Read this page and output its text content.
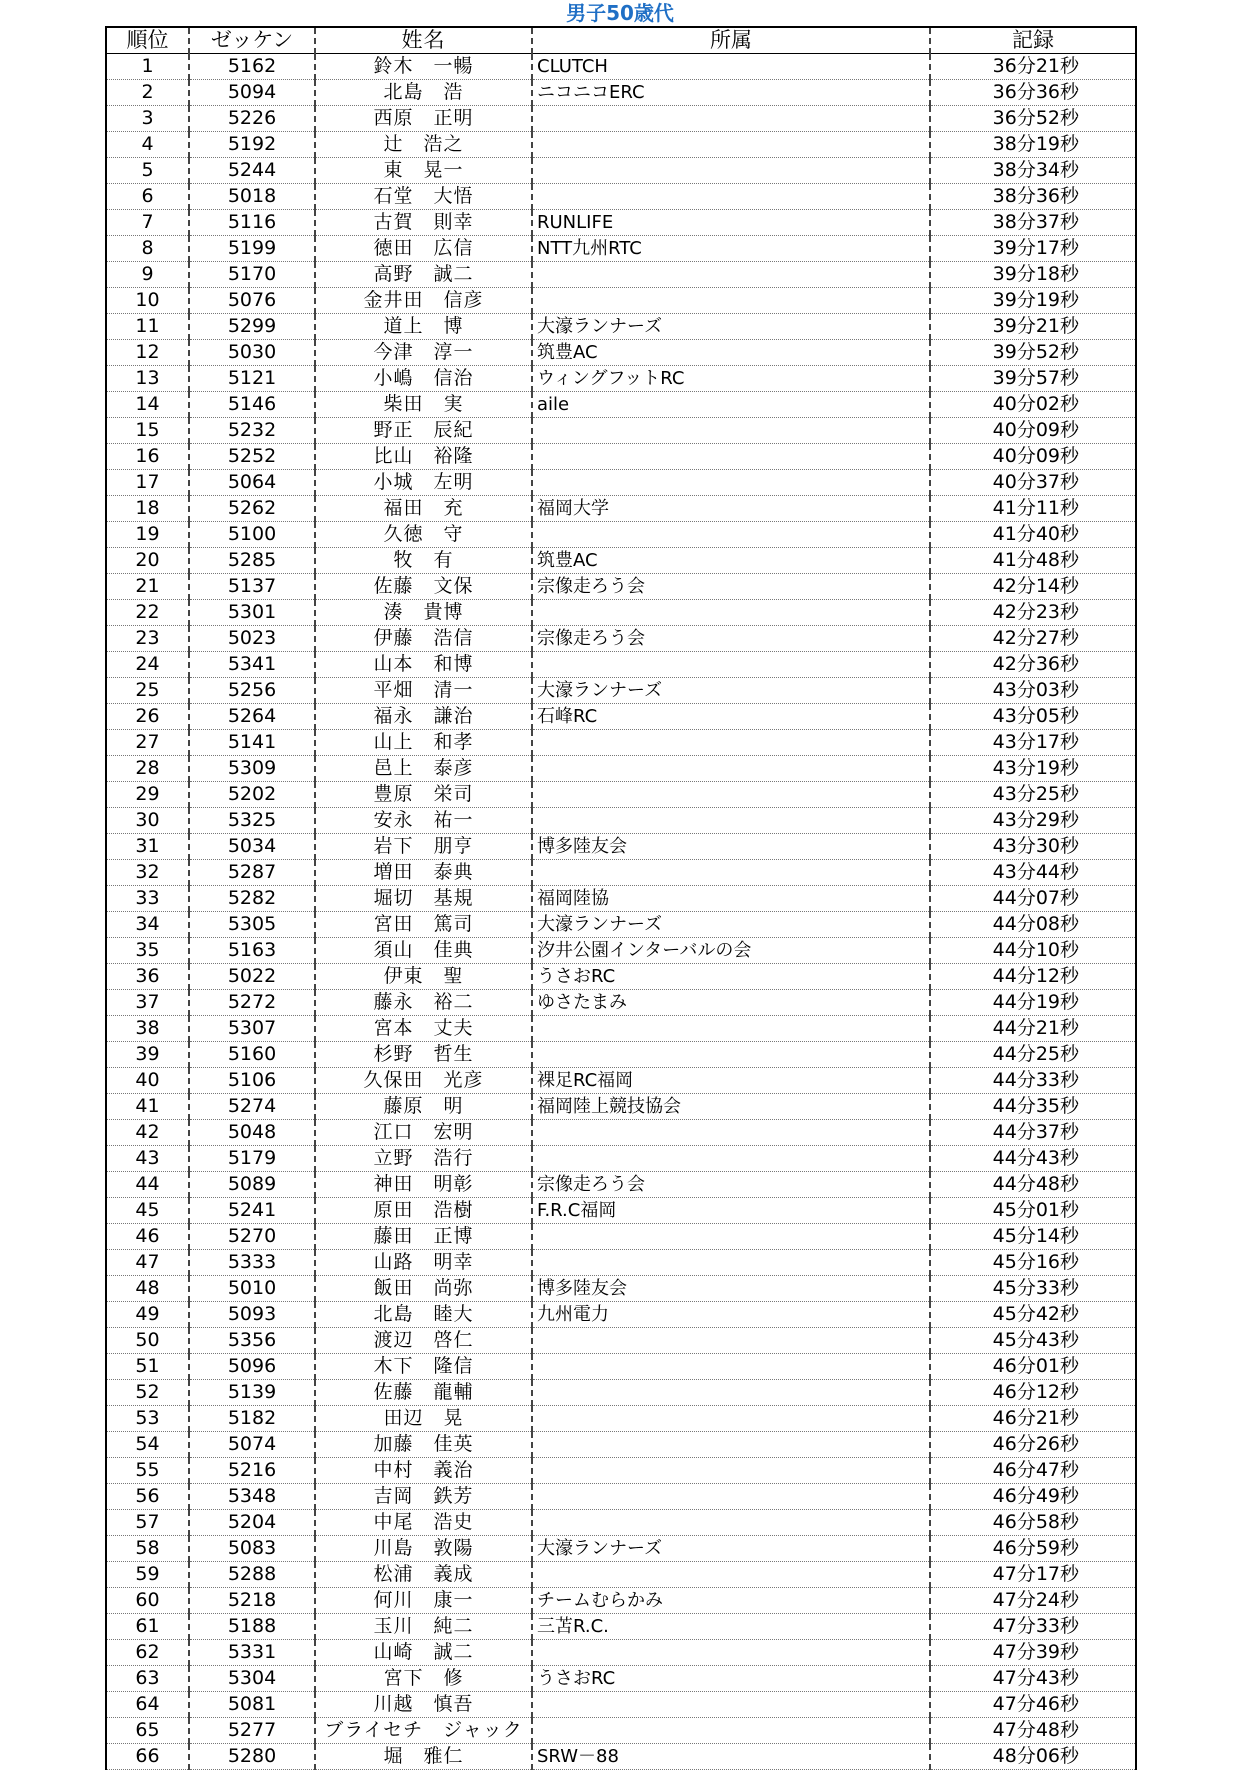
男子50歳代
順位	ゼッケン	姓名	所属	記録
1	5162	鈴木　一暢	CLUTCH	36分21秒
2	5094	北島　浩	ニコニコERC	36分36秒
3	5226	西原　正明		36分52秒
4	5192	辻　浩之		38分19秒
5	5244	東　晃一		38分34秒
6	5018	石堂　大悟		38分36秒
7	5116	古賀　則幸	RUNLIFE	38分37秒
8	5199	徳田　広信	NTT九州RTC	39分17秒
9	5170	高野　誠二		39分18秒
10	5076	金井田　信彦		39分19秒
11	5299	道上　博	大濠ランナーズ	39分21秒
12	5030	今津　淳一	筑豊AC	39分52秒
13	5121	小嶋　信治	ウィングフットRC	39分57秒
14	5146	柴田　実	aile	40分02秒
15	5232	野正　辰紀		40分09秒
16	5252	比山　裕隆		40分09秒
17	5064	小城　左明		40分37秒
18	5262	福田　充	福岡大学	41分11秒
19	5100	久徳　守		41分40秒
20	5285	牧　有	筑豊AC	41分48秒
21	5137	佐藤　文保	宗像走ろう会	42分14秒
22	5301	湊　貴博		42分23秒
23	5023	伊藤　浩信	宗像走ろう会	42分27秒
24	5341	山本　和博		42分36秒
25	5256	平畑　清一	大濠ランナーズ	43分03秒
26	5264	福永　謙治	石峰RC	43分05秒
27	5141	山上　和孝		43分17秒
28	5309	邑上　泰彦		43分19秒
29	5202	豊原　栄司		43分25秒
30	5325	安永　祐一		43分29秒
31	5034	岩下　朋亨	博多陸友会	43分30秒
32	5287	増田　泰典		43分44秒
33	5282	堀切　基規	福岡陸協	44分07秒
34	5305	宮田　篤司	大濠ランナーズ	44分08秒
35	5163	須山　佳典	汐井公園インターバルの会	44分10秒
36	5022	伊東　聖	うさおRC	44分12秒
37	5272	藤永　裕二	ゆさたまみ	44分19秒
38	5307	宮本　丈夫		44分21秒
39	5160	杉野　哲生		44分25秒
40	5106	久保田　光彦	裸足RC福岡	44分33秒
41	5274	藤原　明	福岡陸上競技協会	44分35秒
42	5048	江口　宏明		44分37秒
43	5179	立野　浩行		44分43秒
44	5089	神田　明彰	宗像走ろう会	44分48秒
45	5241	原田　浩樹	F.R.C福岡	45分01秒
46	5270	藤田　正博		45分14秒
47	5333	山路　明幸		45分16秒
48	5010	飯田　尚弥	博多陸友会	45分33秒
49	5093	北島　睦大	九州電力	45分42秒
50	5356	渡辺　啓仁		45分43秒
51	5096	木下　隆信		46分01秒
52	5139	佐藤　龍輔		46分12秒
53	5182	田辺　晃		46分21秒
54	5074	加藤　佳英		46分26秒
55	5216	中村　義治		46分47秒
56	5348	吉岡　鉄芳		46分49秒
57	5204	中尾　浩史		46分58秒
58	5083	川島　敦陽	大濠ランナーズ	46分59秒
59	5288	松浦　義成		47分17秒
60	5218	何川　康一	チームむらかみ	47分24秒
61	5188	玉川　純二	三苫R.C.	47分33秒
62	5331	山崎　誠二		47分39秒
63	5304	宮下　修	うさおRC	47分43秒
64	5081	川越　慎吾		47分46秒
65	5277	ブライセチ　ジャック		47分48秒
66	5280	堀　雅仁	SRW－88	48分06秒
